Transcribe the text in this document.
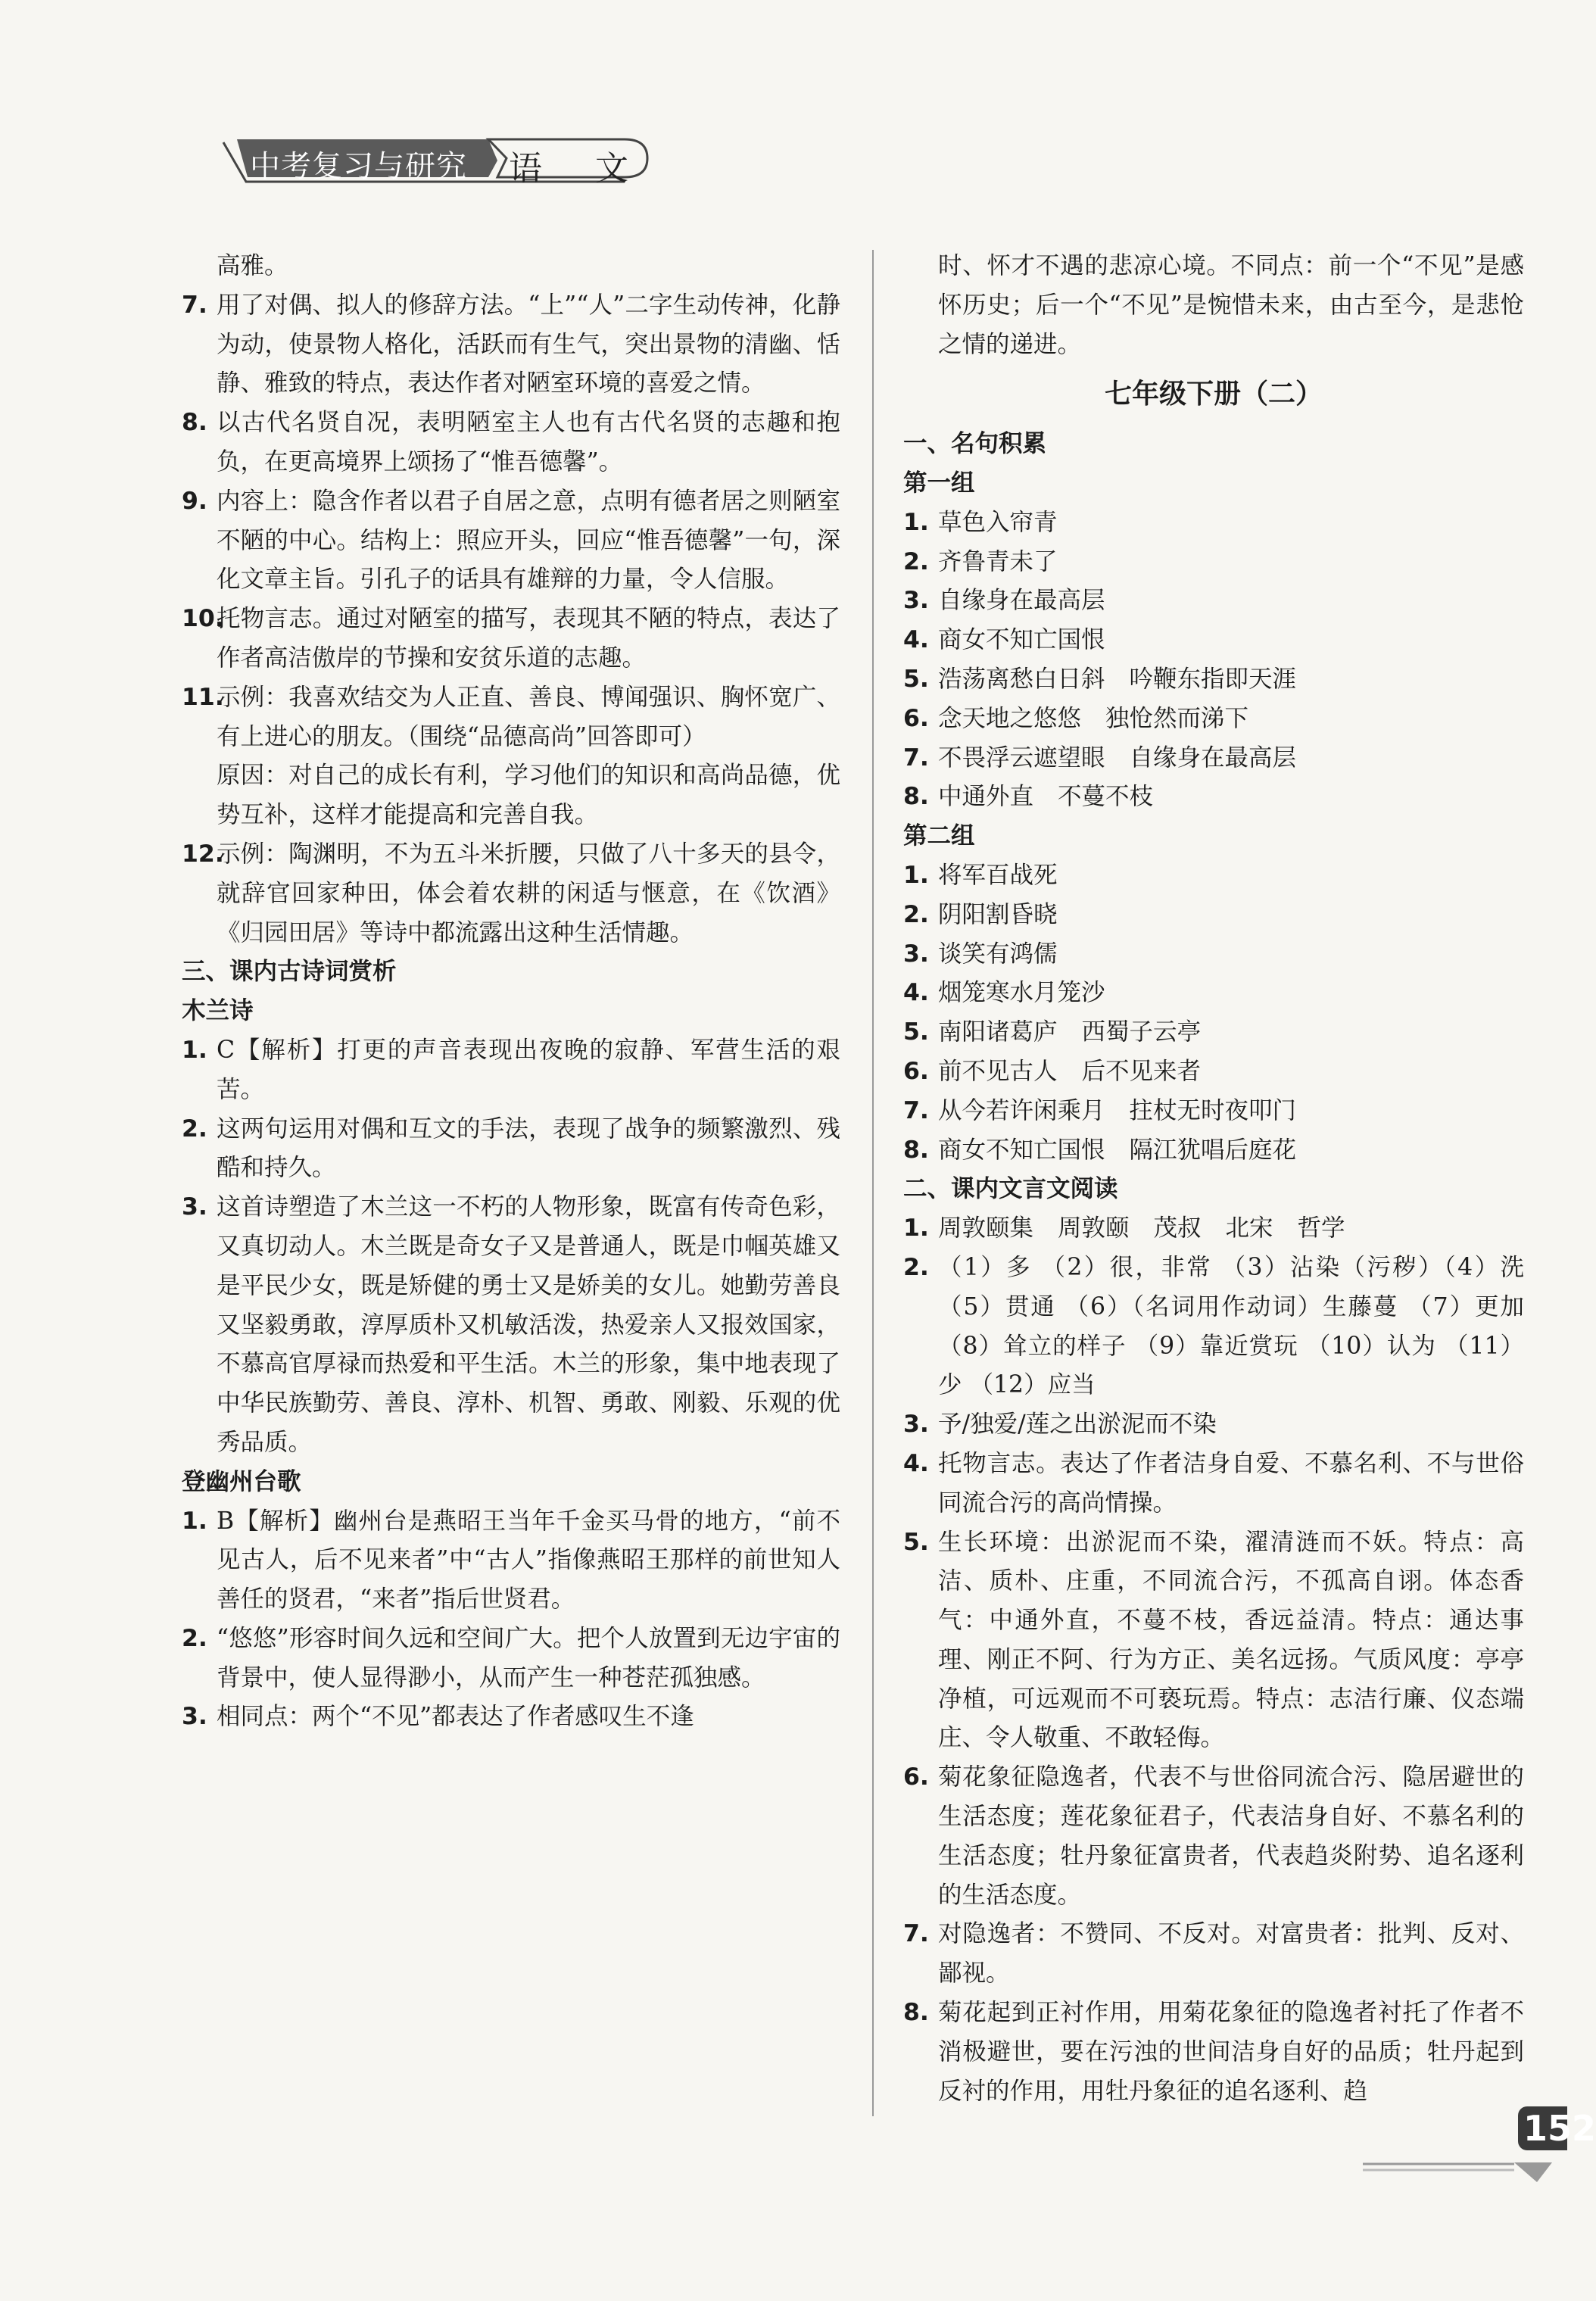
中考复习与研究 语 文
高雅。
7. 用了对偶、拟人的修辞方法。“上”“人”二字生动传神，化静为动，使景物人格化，活跃而有生气，突出景物的清幽、恬静、雅致的特点，表达作者对陋室环境的喜爱之情。
8. 以古代名贤自况，表明陋室主人也有古代名贤的志趣和抱负，在更高境界上颂扬了“惟吾德馨”。
9. 内容上：隐含作者以君子自居之意，点明有德者居之则陋室不陋的中心。结构上：照应开头，回应“惟吾德馨”一句，深化文章主旨。引孔子的话具有雄辩的力量，令人信服。
10.
托物言志。通过对陋室的描写，表现其不陋的特点，表达了作者高洁傲岸的节操和安贫乐道的志趣。
11.
示例：我喜欢结交为人正直、善良、博闻强识、胸怀宽广、有上进心的朋友。（围绕“品德高尚”回答即可）
原因：对自己的成长有利，学习他们的知识和高尚品德，优势互补，这样才能提高和完善自我。
12.
示例：陶渊明，不为五斗米折腰，只做了八十多天的县令，就辞官回家种田，体会着农耕的闲适与惬意，在《饮酒》《归园田居》等诗中都流露出这种生活情趣。
三、课内古诗词赏析
木兰诗
1. C【解析】打更的声音表现出夜晚的寂静、军营生活的艰苦。
2. 这两句运用对偶和互文的手法，表现了战争的频繁激烈、残酷和持久。
3. 这首诗塑造了木兰这一不朽的人物形象，既富有传奇色彩，又真切动人。木兰既是奇女子又是普通人，既是巾帼英雄又是平民少女，既是矫健的勇士又是娇美的女儿。她勤劳善良又坚毅勇敢，淳厚质朴又机敏活泼，热爱亲人又报效国家，不慕高官厚禄而热爱和平生活。木兰的形象，集中地表现了中华民族勤劳、善良、淳朴、机智、勇敢、刚毅、乐观的优秀品质。
登幽州台歌
1. B【解析】幽州台是燕昭王当年千金买马骨的地方，“前不见古人，后不见来者”中“古人”指像燕昭王那样的前世知人善任的贤君，“来者”指后世贤君。
2. “悠悠”形容时间久远和空间广大。把个人放置到无边宇宙的背景中，使人显得渺小，从而产生一种苍茫孤独感。
3. 相同点：两个“不见”都表达了作者感叹生不逢
时、怀才不遇的悲凉心境。不同点：前一个“不见”是感怀历史；后一个“不见”是惋惜未来，由古至今，是悲怆之情的递进。
七年级下册（二）
一、名句积累
第一组
1. 草色入帘青
2. 齐鲁青未了
3. 自缘身在最高层
4. 商女不知亡国恨
5. 浩荡离愁白日斜 吟鞭东指即天涯
6. 念天地之悠悠 独怆然而涕下
7. 不畏浮云遮望眼 自缘身在最高层
8. 中通外直 不蔓不枝
第二组
1. 将军百战死
2. 阴阳割昏晓
3. 谈笑有鸿儒
4. 烟笼寒水月笼沙
5. 南阳诸葛庐 西蜀子云亭
6. 前不见古人 后不见来者
7. 从今若许闲乘月 拄杖无时夜叩门
8. 商女不知亡国恨 隔江犹唱后庭花
二、课内文言文阅读
1. 周敦颐集 周敦颐 茂叔 北宋 哲学
2. （1）多 （2）很，非常 （3）沾染（污秽）（4）洗 （5）贯通 （6）（名词用作动词）生藤蔓 （7）更加 （8）耸立的样子 （9）靠近赏玩 （10）认为 （11）少 （12）应当
3. 予/独爱/莲之出淤泥而不染
4. 托物言志。表达了作者洁身自爱、不慕名利、不与世俗同流合污的高尚情操。
5. 生长环境：出淤泥而不染，濯清涟而不妖。特点：高洁、质朴、庄重，不同流合污，不孤高自诩。体态香气：中通外直，不蔓不枝，香远益清。特点：通达事理、刚正不阿、行为方正、美名远扬。气质风度：亭亭净植，可远观而不可亵玩焉。特点：志洁行廉、仪态端庄、令人敬重、不敢轻侮。
6. 菊花象征隐逸者，代表不与世俗同流合污、隐居避世的生活态度；莲花象征君子，代表洁身自好、不慕名利的生活态度；牡丹象征富贵者，代表趋炎附势、追名逐利的生活态度。
7. 对隐逸者：不赞同、不反对。对富贵者：批判、反对、鄙视。
8. 菊花起到正衬作用，用菊花象征的隐逸者衬托了作者不消极避世，要在污浊的世间洁身自好的品质；牡丹起到反衬的作用，用牡丹象征的追名逐利、趋
152
